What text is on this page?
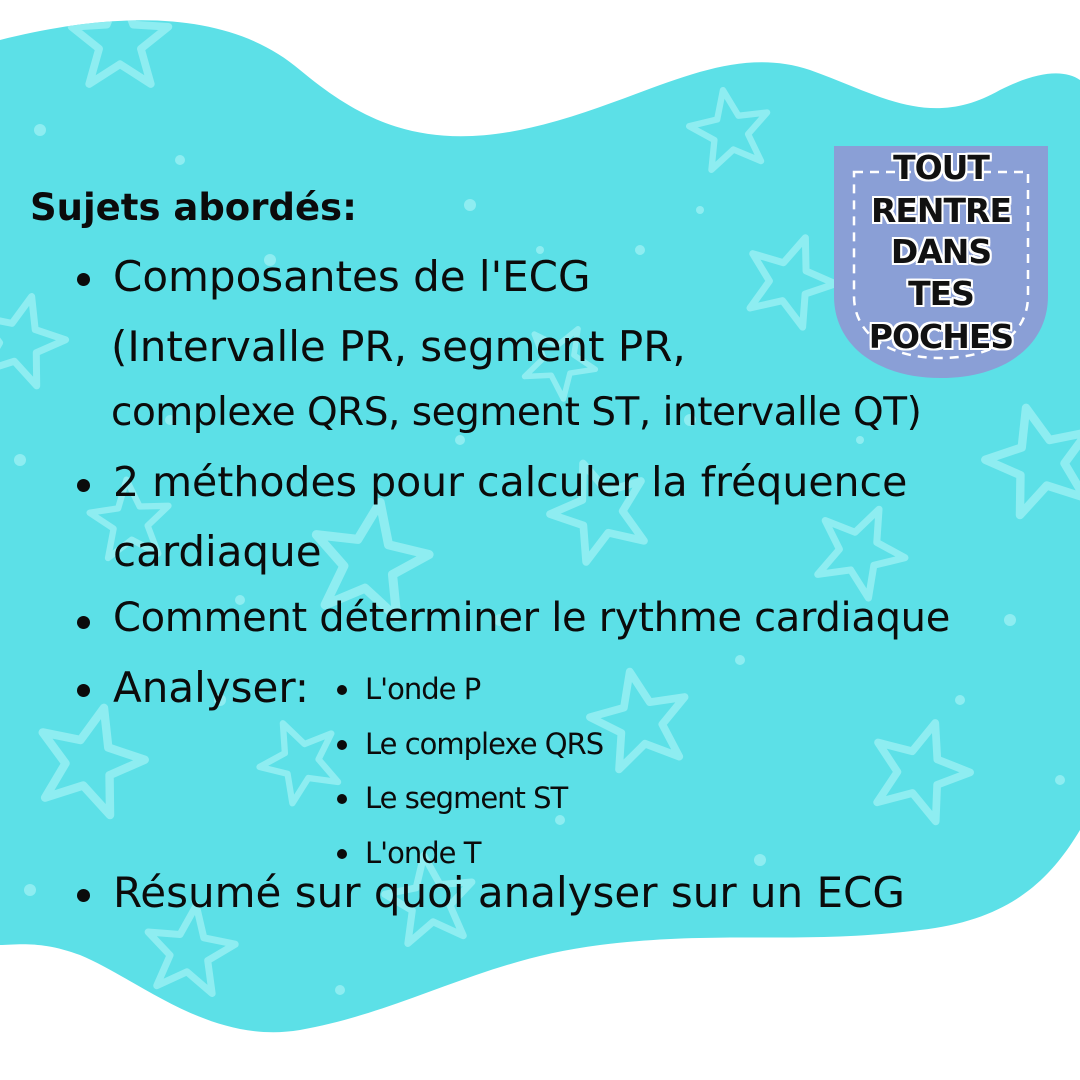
Sujets abordés:
Composantes de l'ECG
(Intervalle PR, segment PR,
complexe QRS, segment ST, intervalle QT)
2 méthodes pour calculer la fréquence
cardiaque
Comment déterminer le rythme cardiaque
Analyser: L'onde P
Le complexe QRS
Le segment ST
L'onde T
Résumé sur quoi analyser sur un ECG
TOUT
RENTRE
DANS
TES
POCHES
